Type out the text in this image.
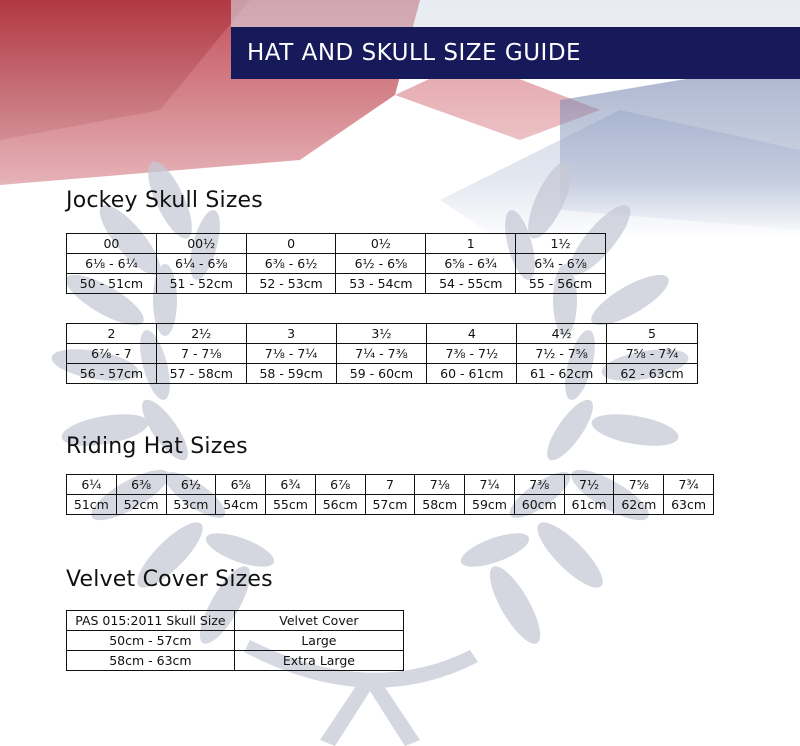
HAT AND SKULL SIZE GUIDE
Jockey Skull Sizes
00	00½	0	0½	1	1½
6⅛ - 6¼	6¼ - 6⅜	6⅜ - 6½	6½ - 6⅝	6⅝ - 6¾	6¾ - 6⅞
50 - 51cm	51 - 52cm	52 - 53cm	53 - 54cm	54 - 55cm	55 - 56cm
2	2½	3	3½	4	4½	5
6⅞ - 7	7 - 7⅛	7⅛ - 7¼	7¼ - 7⅜	7⅜ - 7½	7½ - 7⅝	7⅝ - 7¾
56 - 57cm	57 - 58cm	58 - 59cm	59 - 60cm	60 - 61cm	61 - 62cm	62 - 63cm
Riding Hat Sizes
6¼	6⅜	6½	6⅝	6¾	6⅞	7	7⅛	7¼	7⅜	7½	7⅝	7¾
51cm	52cm	53cm	54cm	55cm	56cm	57cm	58cm	59cm	60cm	61cm	62cm	63cm
Velvet Cover Sizes
PAS 015:2011 Skull Size	Velvet Cover
50cm - 57cm	Large
58cm - 63cm	Extra Large
